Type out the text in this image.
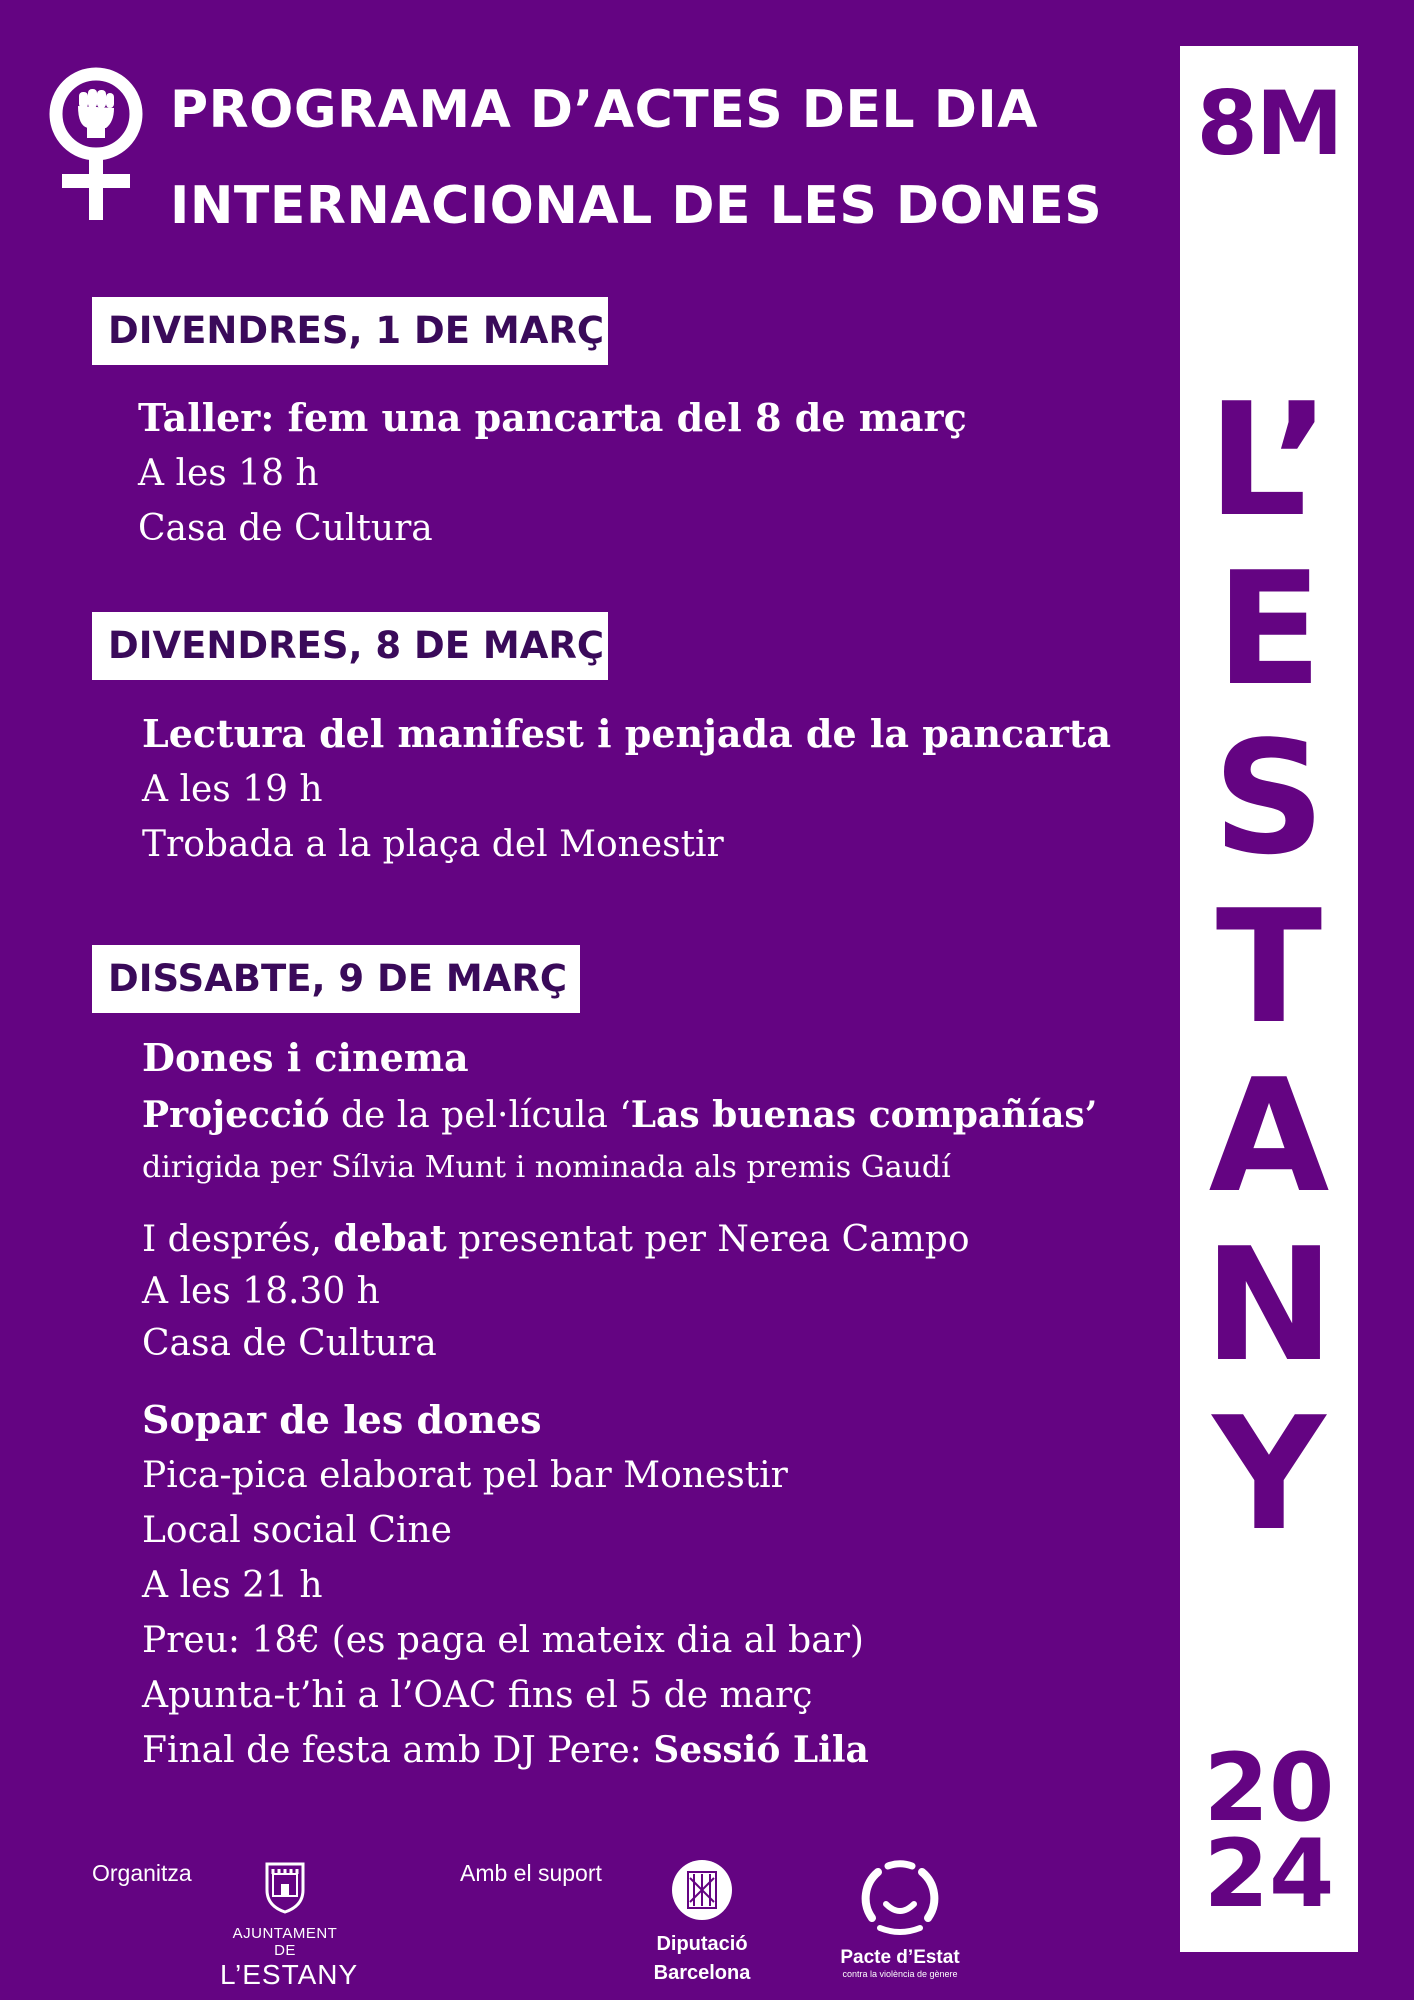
PROGRAMA D’ACTES DEL DIA
INTERNACIONAL DE LES DONES
8M
L’
E
S
T
A
N
Y
20
24
DIVENDRES, 1 DE MARÇ
Taller: fem una pancarta del 8 de març
A les 18 h
Casa de Cultura
DIVENDRES, 8 DE MARÇ
Lectura del manifest i penjada de la pancarta
A les 19 h
Trobada a la plaça del Monestir
DISSABTE, 9 DE MARÇ
Dones i cinema
Projecció de la pel·lícula ‘Las buenas compañías’
dirigida per Sílvia Munt i nominada als premis Gaudí
I després, debat presentat per Nerea Campo
A les 18.30 h
Casa de Cultura
Sopar de les dones
Pica-pica elaborat pel bar Monestir
Local social Cine
A les 21 h
Preu: 18€ (es paga el mateix dia al bar)
Apunta-t’hi a l’OAC fins el 5 de març
Final de festa amb DJ Pere: Sessió Lila
Organitza
AJUNTAMENT DE
L’ESTANY
Amb el suport
Diputació
Barcelona
Pacte d’Estat
contra la violència de gènere
